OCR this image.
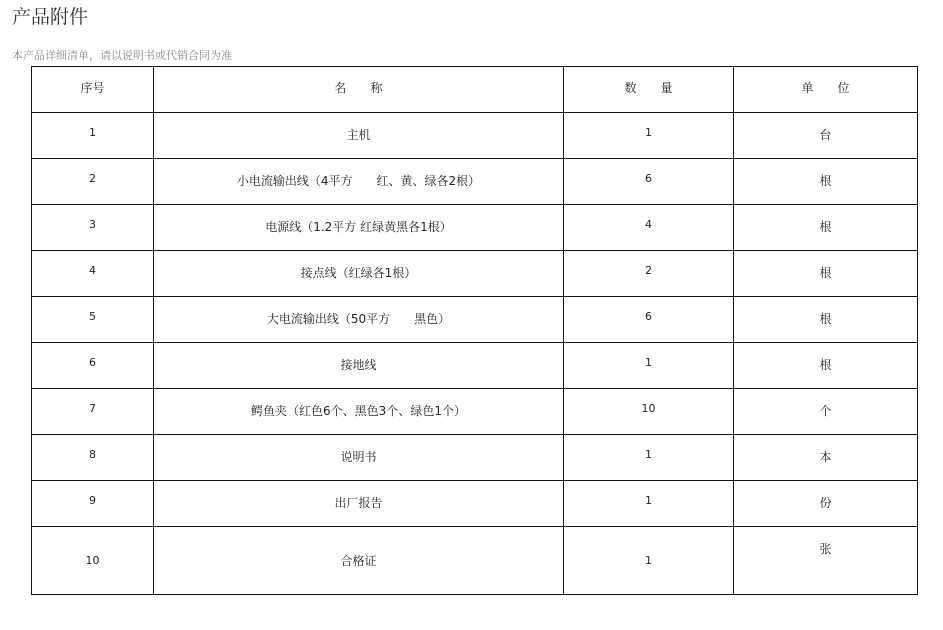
产品附件
本产品详细清单，请以说明书或代销合同为准
序号	名　　称	数　　量	单　　位
1	主机	1	台
2	小电流输出线（4平方　　红、黄、绿各2根）	6	根
3	电源线（1.2平方 红绿黄黑各1根）	4	根
4	接点线（红绿各1根）	2	根
5	大电流输出线（50平方　　黑色）	6	根
6	接地线	1	根
7	鳄鱼夹（红色6个、黑色3个、绿色1个）	10	个
8	说明书	1	本
9	出厂报告	1	份
10	合格证	1	张
